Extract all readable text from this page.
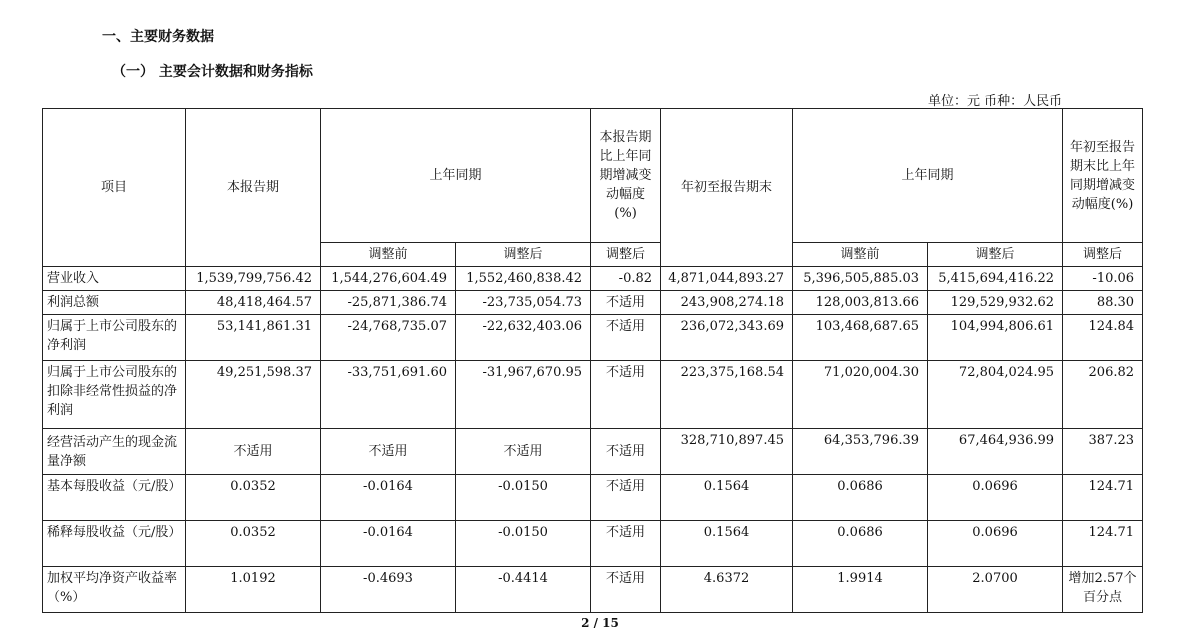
一、主要财务数据
（一） 主要会计数据和财务指标
单位：元 币种：人民币
项目	本报告期	上年同期		本报告期比上年同期增减变动幅度(%)	年初至报告期末	上年同期		年初至报告期末比上年同期增减变动幅度(%)
		调整前	调整后	调整后		调整前	调整后	调整后
营业收入	1,539,799,756.42	1,544,276,604.49	1,552,460,838.42	-0.82	4,871,044,893.27	5,396,505,885.03	5,415,694,416.22	-10.06
利润总额	48,418,464.57	-25,871,386.74	-23,735,054.73	不适用	243,908,274.18	128,003,813.66	129,529,932.62	88.30
归属于上市公司股东的净利润	53,141,861.31	-24,768,735.07	-22,632,403.06	不适用	236,072,343.69	103,468,687.65	104,994,806.61	124.84
归属于上市公司股东的扣除非经常性损益的净利润	49,251,598.37	-33,751,691.60	-31,967,670.95	不适用	223,375,168.54	71,020,004.30	72,804,024.95	206.82
经营活动产生的现金流量净额	不适用	不适用	不适用	不适用	328,710,897.45	64,353,796.39	67,464,936.99	387.23
基本每股收益（元/股）	0.0352	-0.0164	-0.0150	不适用	0.1564	0.0686	0.0696	124.71
稀释每股收益（元/股）	0.0352	-0.0164	-0.0150	不适用	0.1564	0.0686	0.0696	124.71
加权平均净资产收益率（%）	1.0192	-0.4693	-0.4414	不适用	4.6372	1.9914	2.0700	增加2.57个百分点
2 / 15
